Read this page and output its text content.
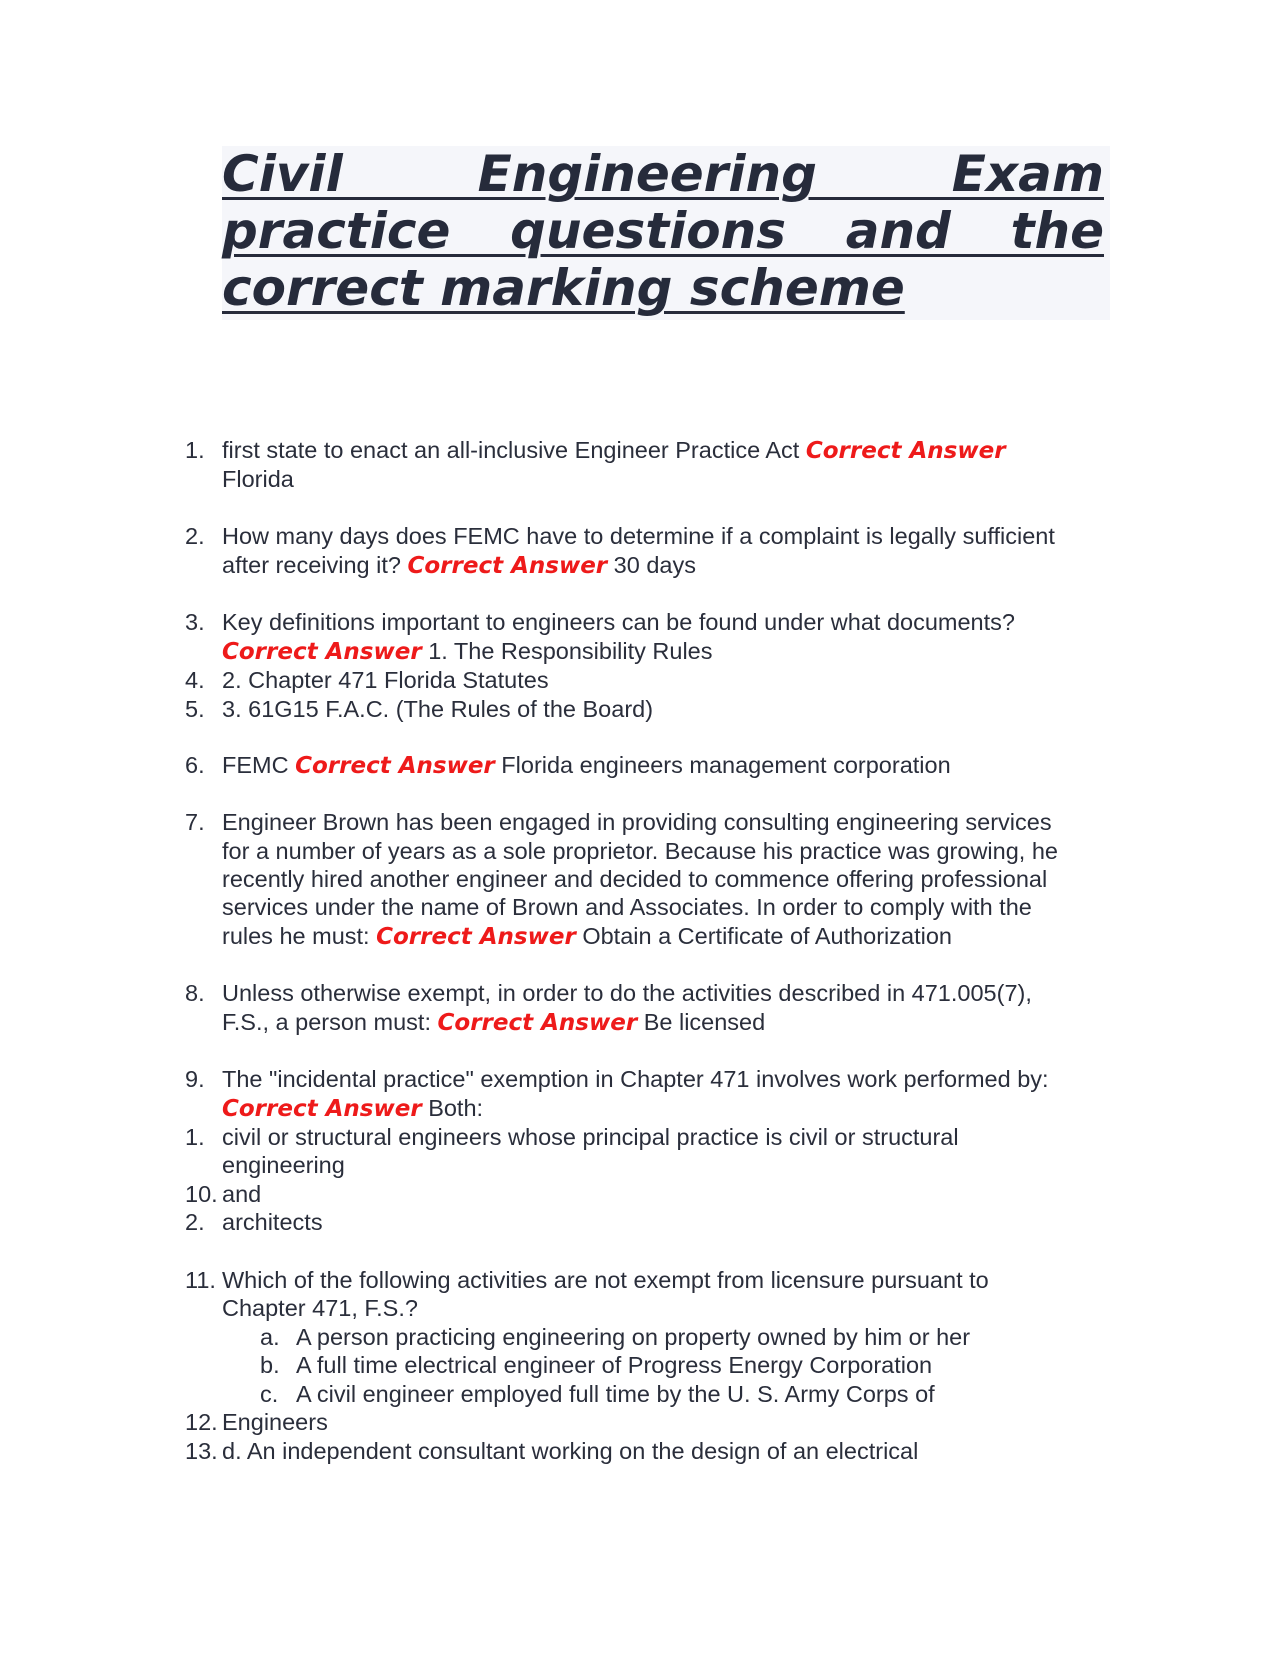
Civil Engineering Exam practice questions and the correct marking scheme
1. first state to enact an all-inclusive Engineer Practice Act Correct Answer
Florida
2. How many days does FEMC have to determine if a complaint is legally sufficient
after receiving it? Correct Answer 30 days
3. Key definitions important to engineers can be found under what documents?
Correct Answer 1. The Responsibility Rules
4. 2. Chapter 471 Florida Statutes
5. 3. 61G15 F.A.C. (The Rules of the Board)
6. FEMC Correct Answer Florida engineers management corporation
7. Engineer Brown has been engaged in providing consulting engineering services
for a number of years as a sole proprietor. Because his practice was growing, he
recently hired another engineer and decided to commence offering professional
services under the name of Brown and Associates. In order to comply with the
rules he must: Correct Answer Obtain a Certificate of Authorization
8. Unless otherwise exempt, in order to do the activities described in 471.005(7),
F.S., a person must: Correct Answer Be licensed
9. The "incidental practice" exemption in Chapter 471 involves work performed by:
Correct Answer Both:
1. civil or structural engineers whose principal practice is civil or structural
engineering
10. and
2. architects
11. Which of the following activities are not exempt from licensure pursuant to
Chapter 471, F.S.?
a. A person practicing engineering on property owned by him or her
b. A full time electrical engineer of Progress Energy Corporation
c. A civil engineer employed full time by the U. S. Army Corps of
12. Engineers
13. d. An independent consultant working on the design of an electrical
